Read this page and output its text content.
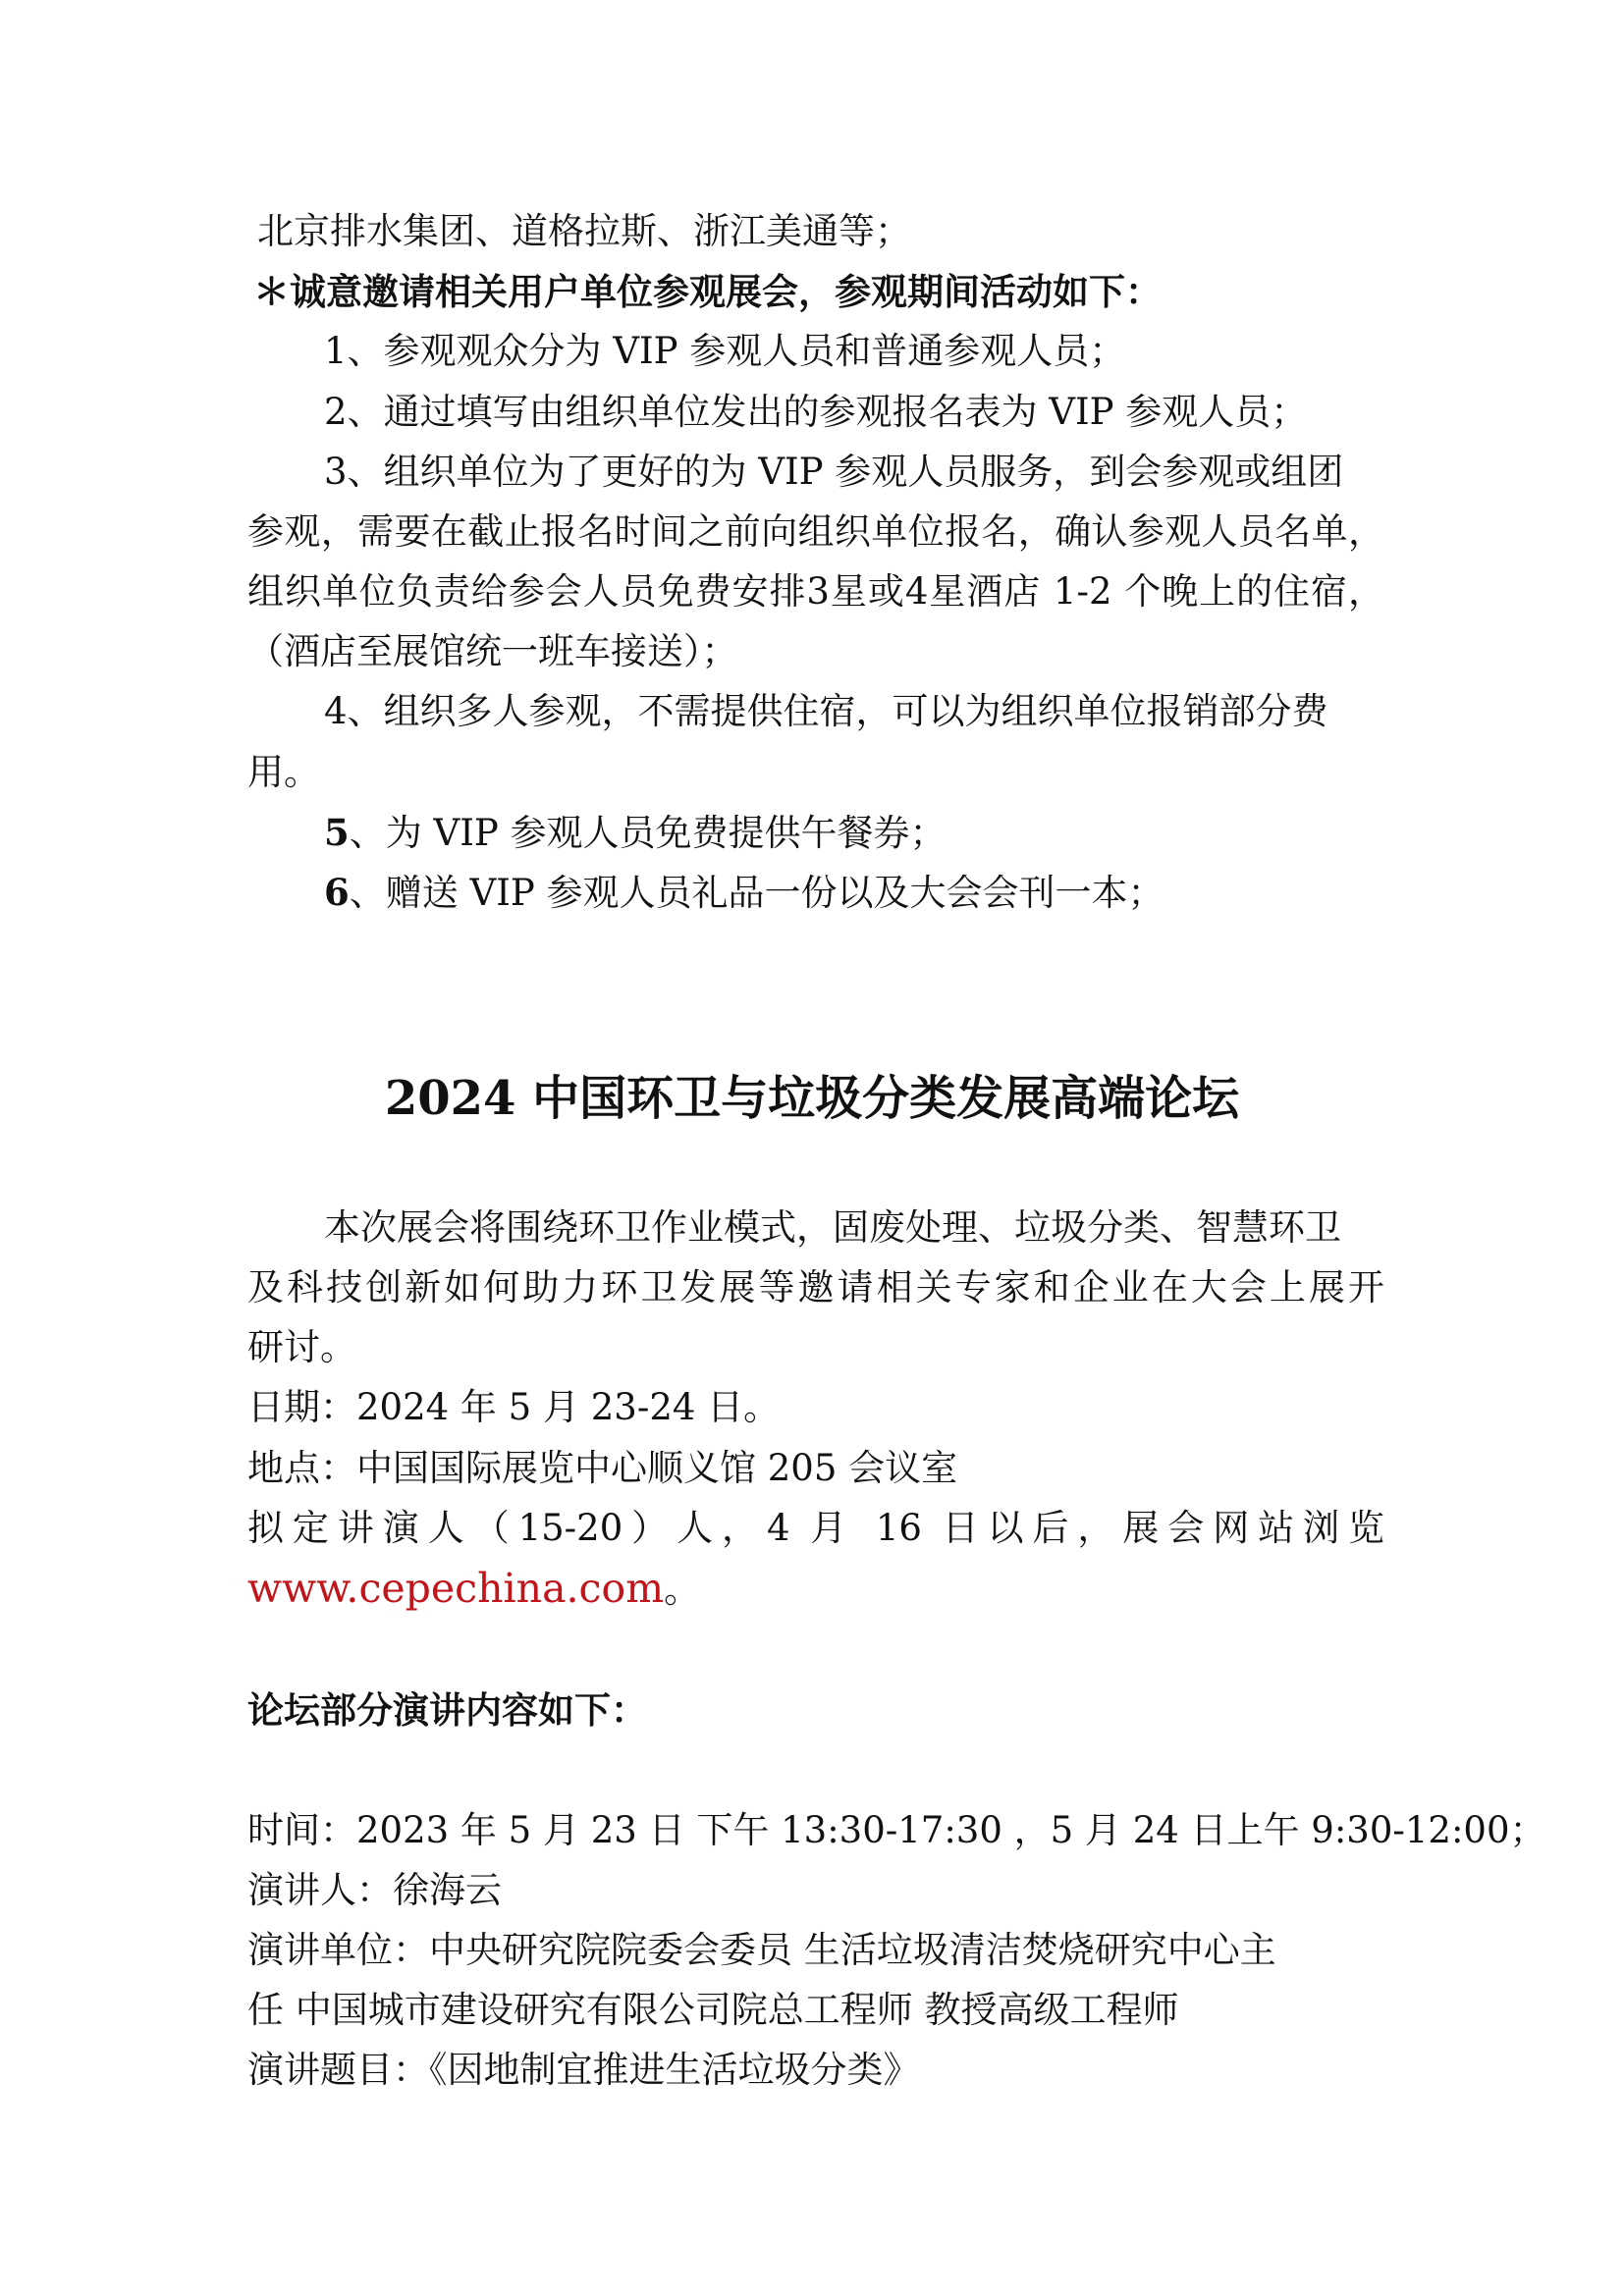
北京排水集团、道格拉斯、浙江美通等；
＊诚意邀请相关用户单位参观展会，参观期间活动如下：
1、参观观众分为 VIP 参观人员和普通参观人员；
2、通过填写由组织单位发出的参观报名表为 VIP 参观人员；
3、组织单位为了更好的为 VIP 参观人员服务，到会参观或组团
参观，需要在截止报名时间之前向组织单位报名，确认参观人员名单，
组织单位负责给参会人员免费安排3星或4星酒店 1-2 个晚上的住宿，
（酒店至展馆统一班车接送）；
4、组织多人参观，不需提供住宿，可以为组织单位报销部分费
用。
5、为 VIP 参观人员免费提供午餐券；
6、赠送 VIP 参观人员礼品一份以及大会会刊一本；
2024 中国环卫与垃圾分类发展高端论坛
本次展会将围绕环卫作业模式，固废处理、垃圾分类、智慧环卫
及科技创新如何助力环卫发展等邀请相关专家和企业在大会上展开
研讨。
日期：2024 年 5 月 23-24 日。
地点：中国国际展览中心顺义馆 205 会议室
拟定讲演人（15-20）人，4 月 16 日以后，展会网站浏览
www.cepechina.com。
论坛部分演讲内容如下：
时间：2023 年 5 月 23 日 下午 13:30-17:30 ，5 月 24 日上午 9:30-12:00；
演讲人：徐海云
演讲单位：中央研究院院委会委员 生活垃圾清洁焚烧研究中心主
任 中国城市建设研究有限公司院总工程师 教授高级工程师
演讲题目：《因地制宜推进生活垃圾分类》
